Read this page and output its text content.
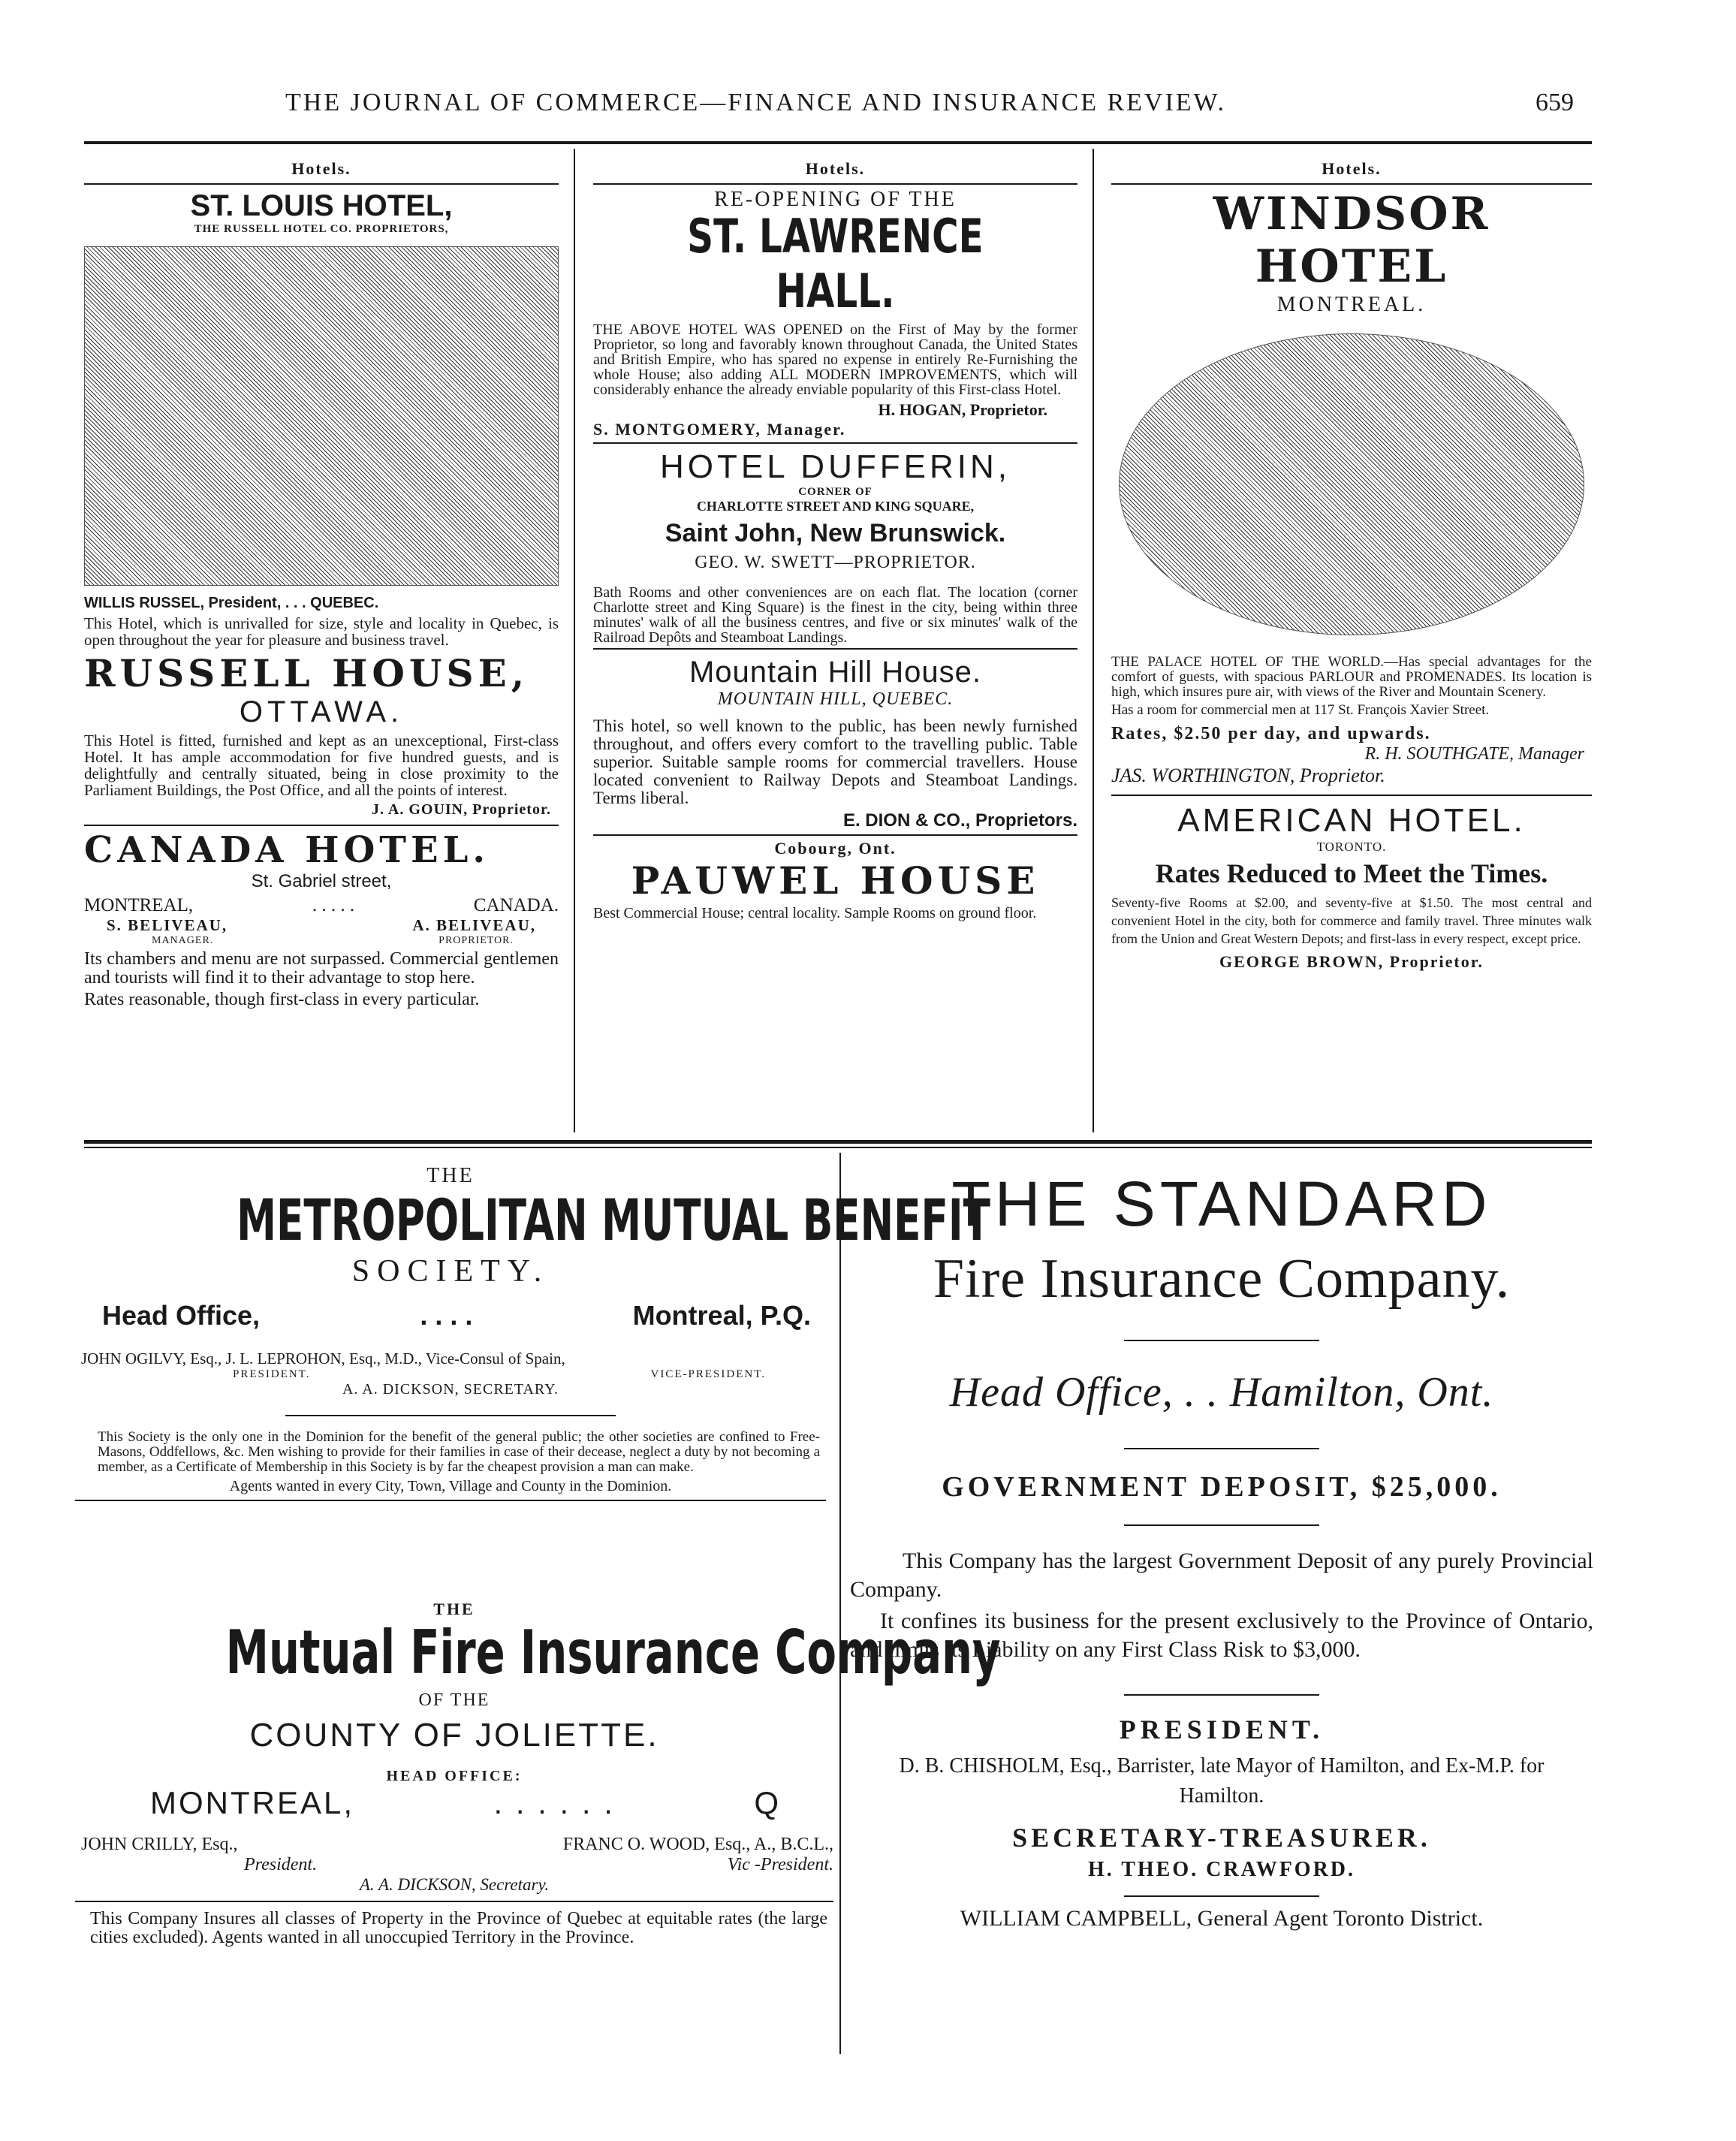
THE JOURNAL OF COMMERCE—FINANCE AND INSURANCE REVIEW.	659
Hotels.
ST. LOUIS HOTEL,
THE RUSSELL HOTEL CO. PROPRIETORS,
WILLIS RUSSEL, President, . . . QUEBEC.
This Hotel, which is unrivalled for size, style and locality in Quebec, is open throughout the year for pleasure and business travel.
RUSSELL HOUSE,
OTTAWA.
This Hotel is fitted, furnished and kept as an unexceptional, First-class Hotel. It has ample accommodation for five hundred guests, and is delightfully and centrally situated, being in close proximity to the Parliament Buildings, the Post Office, and all the points of interest.
J. A. GOUIN, Proprietor.
CANADA HOTEL.
St. Gabriel street,
MONTREAL,	. . . . .	CANADA.
S. BELIVEAU,	A. BELIVEAU,
MANAGER.	PROPRIETOR.
Its chambers and menu are not surpassed. Commercial gentlemen and tourists will find it to their advantage to stop here.
Rates reasonable, though first-class in every particular.
Hotels.
RE-OPENING OF THE
ST. LAWRENCE HALL.
THE ABOVE HOTEL WAS OPENED on the First of May by the former Proprietor, so long and favorably known throughout Canada, the United States and British Empire, who has spared no expense in entirely Re-Furnishing the whole House; also adding ALL MODERN IMPROVEMENTS, which will considerably enhance the already enviable popularity of this First-class Hotel.
H. HOGAN, Proprietor.
S. MONTGOMERY, Manager.
HOTEL DUFFERIN,
CORNER OF
CHARLOTTE STREET AND KING SQUARE,
Saint John, New Brunswick.
GEO. W. SWETT—PROPRIETOR.
Bath Rooms and other conveniences are on each flat. The location (corner Charlotte street and King Square) is the finest in the city, being within three minutes' walk of all the business centres, and five or six minutes' walk of the Railroad Depôts and Steamboat Landings.
Mountain Hill House.
MOUNTAIN HILL, QUEBEC.
This hotel, so well known to the public, has been newly furnished throughout, and offers every comfort to the travelling public. Table superior. Suitable sample rooms for commercial travellers. House located convenient to Railway Depots and Steamboat Landings. Terms liberal.
E. DION & CO., Proprietors.
Cobourg, Ont.
PAUWEL HOUSE
Best Commercial House; central locality. Sample Rooms on ground floor.
Hotels.
WINDSOR HOTEL
MONTREAL.
THE PALACE HOTEL OF THE WORLD.—Has special advantages for the comfort of guests, with spacious PARLOUR and PROMENADES. Its location is high, which insures pure air, with views of the River and Mountain Scenery.
Has a room for commercial men at 117 St. François Xavier Street.
Rates, $2.50 per day, and upwards.
R. H. SOUTHGATE, Manager
JAS. WORTHINGTON, Proprietor.
AMERICAN HOTEL.
TORONTO.
Rates Reduced to Meet the Times.
Seventy-five Rooms at $2.00, and seventy-five at $1.50. The most central and convenient Hotel in the city, both for commerce and family travel. Three minutes walk from the Union and Great Western Depots; and first-lass in every respect, except price.
GEORGE BROWN, Proprietor.
THE
METROPOLITAN MUTUAL BENEFIT
SOCIETY.
Head Office,	. . . .	Montreal, P.Q.
JOHN OGILVY, Esq., J. L. LEPROHON, Esq., M.D., Vice-Consul of Spain,
PRESIDENT.	VICE-PRESIDENT.
A. A. DICKSON, SECRETARY.
This Society is the only one in the Dominion for the benefit of the general public; the other societies are confined to Free-Masons, Oddfellows, &c. Men wishing to provide for their families in case of their decease, neglect a duty by not becoming a member, as a Certificate of Membership in this Society is by far the cheapest provision a man can make.
Agents wanted in every City, Town, Village and County in the Dominion.
THE
Mutual Fire Insurance Company
OF THE
COUNTY OF JOLIETTE.
HEAD OFFICE:
MONTREAL,	. . . . . .	Q
JOHN CRILLY, Esq.,	FRANC O. WOOD, Esq., A., B.C.L.,
President.	Vic -President.
A. A. DICKSON, Secretary.
This Company Insures all classes of Property in the Province of Quebec at equitable rates (the large cities excluded). Agents wanted in all unoccupied Territory in the Province.
THE STANDARD
Fire Insurance Company.
Head Office, . . Hamilton, Ont.
GOVERNMENT DEPOSIT, $25,000.
This Company has the largest Government Deposit of any purely Provincial Company.
It confines its business for the present exclusively to the Province of Ontario, and limits its Liability on any First Class Risk to $3,000.
PRESIDENT.
D. B. CHISHOLM, Esq., Barrister, late Mayor of Hamilton, and Ex-M.P. for Hamilton.
SECRETARY-TREASURER.
H. THEO. CRAWFORD.
WILLIAM CAMPBELL, General Agent Toronto District.
